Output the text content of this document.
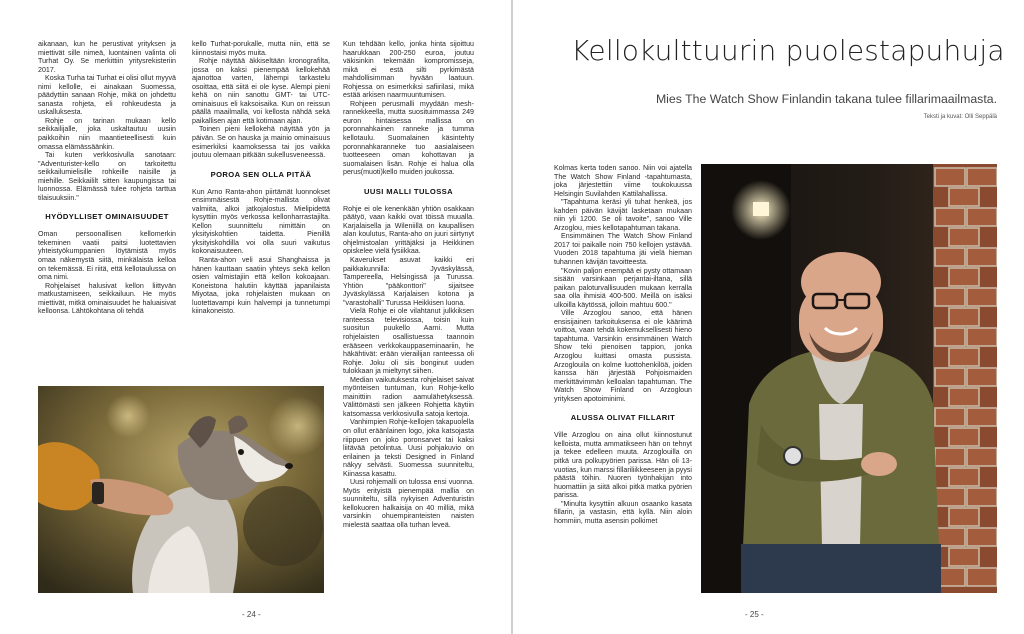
aikanaan, kun he perustivat yrityksen ja miettivät sille nimeä, luontainen valinta oli Turhat Oy. Se merkittiin yritysrekisteriin 2017.

Koska Turha tai Turhat ei olisi ollut myyvä nimi kellolle, ei ainakaan Suomessa, päädyttiin sanaan Rohje, mikä on johdettu sanasta rohjeta, eli rohkeudesta ja uskalluksesta.

Rohje on tarinan mukaan kello seikkailijalle, joka uskaltautuu uusiin paikkoihin niin maantieteellisesti kuin omassa elämässäänkin.

Tai kuten verkkosivulla sanotaan: "Adventurister-kello on tarkoitettu seikkailumielisille rohkeille naisille ja miehille. Seikkaililt sitten kaupungissa tai luonnossa. Elämässä tulee rohjeta tarttua tilaisuuksiin."

HYÖDYLLISET OMINAISUUDET

Oman persoonallisen kellomerkin tekeminen vaatii paitsi luotettavien yhteistyökumppanien löytämistä myös omaa näkemystä siitä, minkälaista kelloa on tekemässä. Ei riitä, että kellotaulussa on oma nimi.

Rohjelaiset halusivat kellon liittyvän matkustamiseen, seikkailuun. He myös miettivät, mitkä ominaisuudet he haluaisivat kelloonsa. Lähtökohtana oli tehdä

kello Turhat-porukalle, mutta niin, että se kiinnostaisi myös muita.

Rohje näyttää äkkiseltään kronografilta, jossa on kaksi pienempää kellokehää ajanottoa varten, lähempi tarkastelu osoittaa, että siitä ei ole kyse. Alempi pieni kehä on niin sanottu GMT- tai UTC-ominaisuus eli kaksoisaika. Kun on reissun päällä maailmalla, voi kellosta nähdä sekä paikallisen ajan että kotimaan ajan.

Toinen pieni kellokehä näyttää yön ja päivän. Se on hauska ja mainio ominaisuus esimerkiksi kaamoksessa tai jos vaikka joutuu olemaan pitkään sukellusveneessä.

POROA SEN OLLA PITÄÄ

Kun Arno Ranta-ahon piirtämät luonnokset ensimmäisestä Rohje-mallista olivat valmiita, alkoi jatkojalostus. Mielipidettä kysyttiin myös verkossa kellonharrastajilta. Kellon suunnittelu nimittäin on yksityiskohtien taidetta. Pienillä yksityiskohdilla voi olla suuri vaikutus kokonaisuuteen.

Ranta-ahon veli asui Shanghaissa ja hänen kauttaan saatiin yhteys sekä kellon osien valmistajiin että kellon kokoajaan. Koneistona halutiin käyttää japanilaista Miyotaa, joka rohjelaisten mukaan on luotettavampi kuin halvempi ja tunnetumpi kiinakoneisto.

Kun tehdään kello, jonka hinta sijoittuu haarukkaan 200-250 euroa, joutuu väkisinkin tekemään kompromisseja, mikä ei estä silti pyrkimästä mahdollisimman hyvään laatuun. Rohjessa on esimerkiksi safiirilasi, mikä estää arkisen naarmuuntumisen.

Rohjeen perusmalli myydään mesh-rannekkeella, mutta suosituimmassa 249 euron hintaisessa mallissa on poronnahkainen ranneke ja tumma kellotaulu. Suomalainen käsintehty poronnahkaranneke tuo aasialaiseen tuotteeseen oman kohottavan ja suomalaisen lisän. Rohje ei halua olla perus(muoti)kello muiden joukossa.

UUSI MALLI TULOSSA

Rohje ei ole kenenkään yhtiön osakkaan päätyö, vaan kaikki ovat töissä muualla. Karjalaisella ja Wileniillä on kaupallisen alan koulutus, Ranta-aho on juuri siirtynyt ohjelmistoalan yrittäjäksi ja Heikkinen opiskelee vielä fysiikkaa.

Kaverukset asuvat kaikki eri paikkakunnilla: Jyväskylässä, Tampereella, Helsingissä ja Turussa. Yhtiön "pääkonttori" sijaitsee Jyväskylässä Karjalaisen kotona ja "varastohalli" Turussa Heikkisen luona.

Vielä Rohje ei ole vilahtanut julkkiksen ranteessa televisiossa, toisin kuin suositun puukello Aarni. Mutta rohjelaisten osallistuessa taannoin erääseen verkkokauppaseminaariin, he häkähtivät: erään vierailijan ranteessa oli Rohje. Joku oli siis bonginut uuden tulokkaan ja mieltynyt siihen.

Median vaikutuksesta rohjelaiset saivat myönteisen tuntuman, kun Rohje-kello mainittiin radion aamulähetyksessä. Välittömästi sen jälkeen Rohjetta käytiin katsomassa verkkosivulla satoja kertoja.

Vanhimpien Rohje-kellojen takapuolella on ollut eräänlainen logo, joka katsojasta riippuen on joko poronsarvet tai kaksi liitävää petolintua. Uusi pohjakuvio on erilainen ja teksti Designed in Finland näkyy selvästi. Suomessa suunniteltu, Kiinassa kasattu.

Uusi rohjemalli on tulossa ensi vuonna. Myös erityistä pienempää mallia on suunniteltu, sillä nykyisen Adventuristin kellokuoren halkaisija on 40 milliä, mikä varsinkin ohuempiranteisten naisten mielestä saattaa olla turhan leveä.

- 24 -
Kellokulttuurin puolestapuhuja
Mies The Watch Show Finlandin takana tulee fillarimaailmasta.
Teksti ja kuvat: Olli Seppälä

Kolmas kerta toden sanoo. Niin voi ajatella The Watch Show Finland -tapahtumasta, joka järjestettiin viime toukokuussa Helsingin Suvilahden Kattilahallissa.

"Tapahtuma keräsi yli tuhat henkeä, jos kahden päivän kävijät lasketaan mukaan niin yli 1200. Se oli tavoite", sanoo Ville Arzoglou, mies kellotapahtuman takana.

Ensimmäinen The Watch Show Finland 2017 toi paikalle noin 750 kellojen ystävää. Vuoden 2018 tapahtuma jäi vielä hieman tuhannen kävijän tavoitteesta.

"Kovin paljon enempää ei pysty ottamaan sisään varsinkaan perjantai-iltana, sillä paikan paloturvallisuuden mukaan kerralla saa olla ihmisiä 400-500. Meillä on isäksi ulkoilla käytössä, jolloin mahtuu 600."

Ville Arzoglou sanoo, että hänen ensisijainen tarkoituksensa ei ole käärimä voittoa, vaan tehdä kokemuksellisesti hieno tapahtuma. Varsinkin ensimmäinen Watch Show teki pienoisen tappion, jonka Arzoglou kuittasi omasta pussista. Arzoglouila on kolme luottohenkilöä, joiden kanssa hän järjestää Pohjoismaiden merkittävimmän kelloalan tapahtuman. The Watch Show Finland on Arzogloun yrityksen apotoiminimi.

ALUSSA OLIVAT FILLARIT

Ville Arzoglou on aina ollut kiinnostunut kelloista, mutta ammatikseen hän on tehnyt ja tekee edelleen muuta. Arzoglouilla on pitkä ura polkupyörien parissa. Hän oli 13-vuotias, kun marssi fillariliikkeeseen ja pyysi päästä töihin. Nuoren työnhakijan into huomattiin ja siitä alkoi pitkä matka pyörien parissa.

"Minulta kysyttiin alkuun osaanko kasata fillarin, ja vastasin, että kyllä. Niin aloin hommiin, mutta asensin polkimet

- 25 -
